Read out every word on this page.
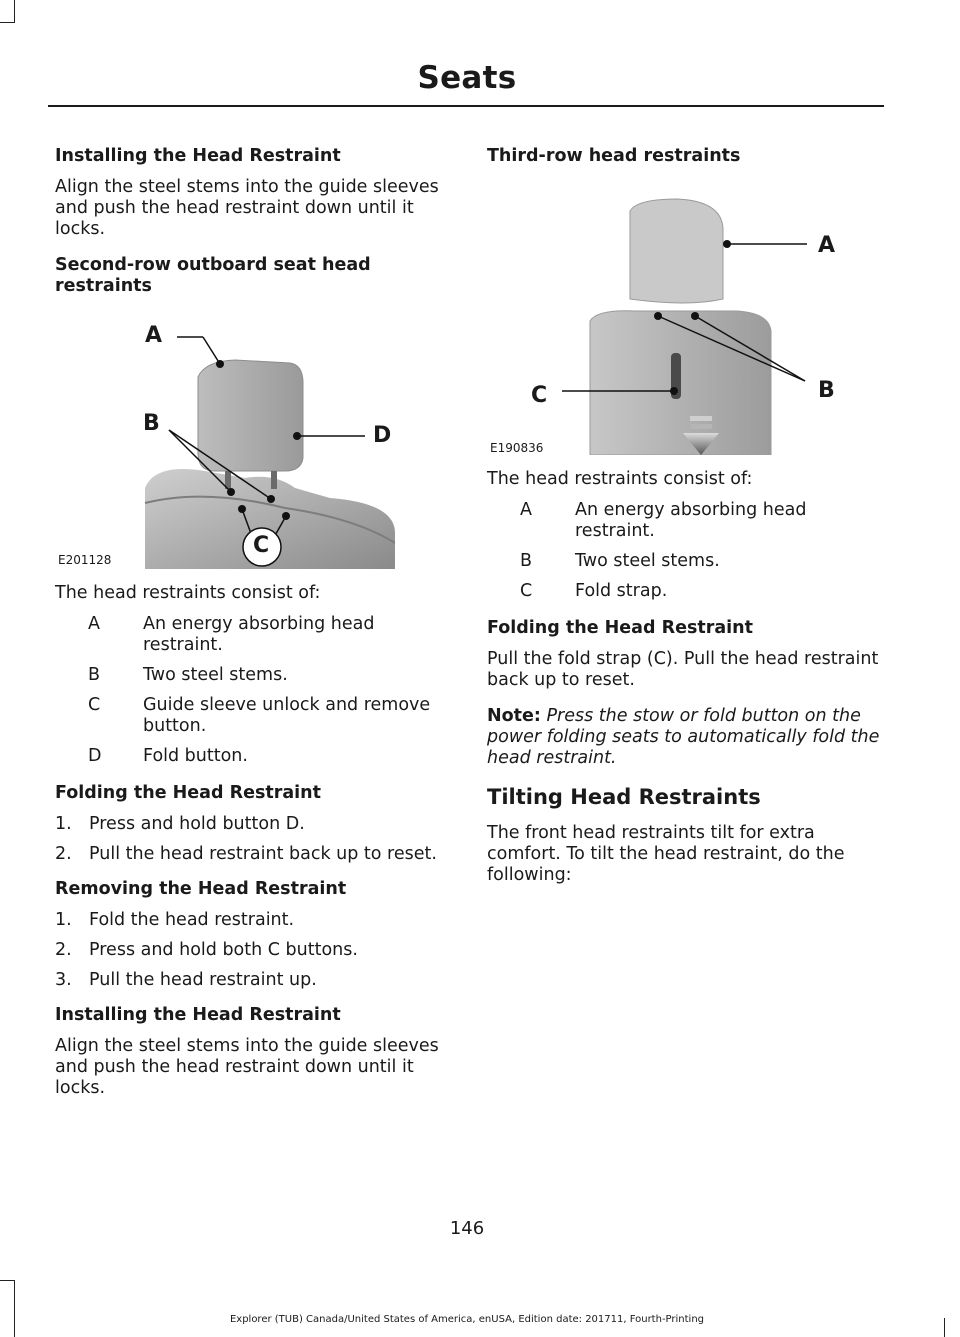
Seats
Installing the Head Restraint
Align the steel stems into the guide sleeves and push the head restraint down until it locks.
Second-row outboard seat head restraints
A
B
C
D
E201128
The head restraints consist of:
A	An energy absorbing head restraint.
B	Two steel stems.
C	Guide sleeve unlock and remove button.
D	Fold button.
Folding the Head Restraint
1. Press and hold button D.
2. Pull the head restraint back up to reset.
Removing the Head Restraint
1. Fold the head restraint.
2. Press and hold both C buttons.
3. Pull the head restraint up.
Installing the Head Restraint
Align the steel stems into the guide sleeves and push the head restraint down until it locks.
Third-row head restraints
A
B
C
E190836
The head restraints consist of:
A	An energy absorbing head restraint.
B	Two steel stems.
C	Fold strap.
Folding the Head Restraint
Pull the fold strap (C). Pull the head restraint back up to reset.
Note: Press the stow or fold button on the power folding seats to automatically fold the head restraint.
Tilting Head Restraints
The front head restraints tilt for extra comfort. To tilt the head restraint, do the following:
146
Explorer (TUB) Canada/United States of America, enUSA, Edition date: 201711, Fourth-Printing
